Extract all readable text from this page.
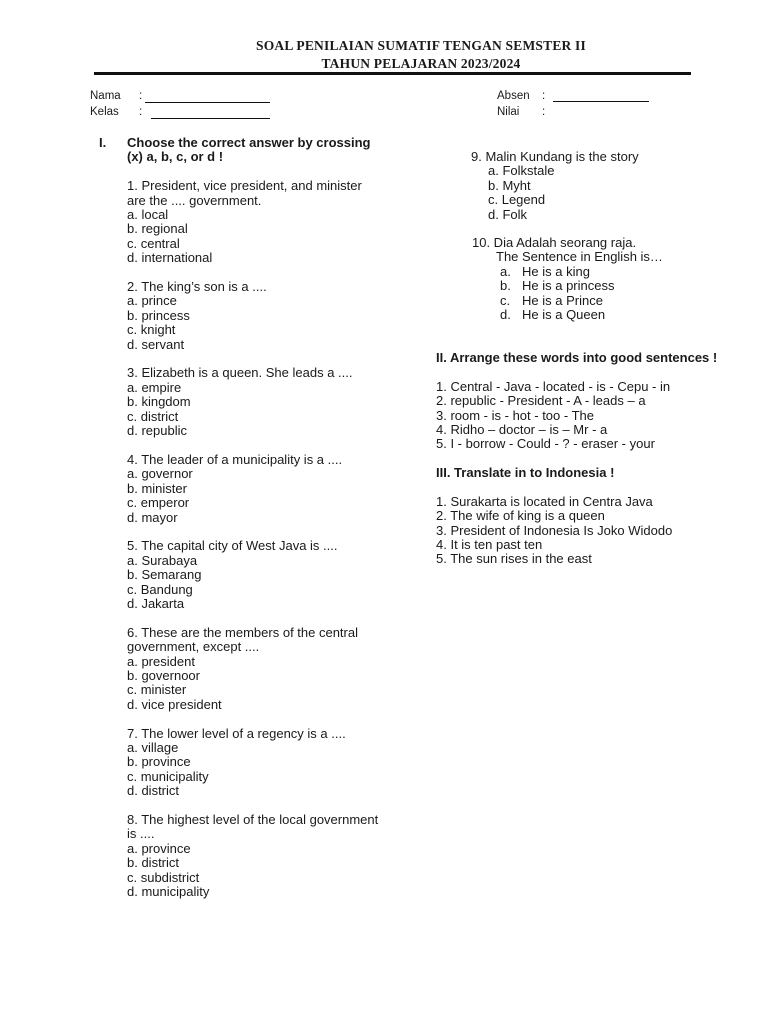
SOAL PENILAIAN SUMATIF TENGAN SEMSTER II
TAHUN PELAJARAN 2023/2024
Nama :
Kelas :
Absen :
Nilai :
I. Choose the correct answer by crossing
(x) a, b, c, or d !
1. President, vice president, and minister
are the .... government.
a. local
b. regional
c. central
d. international
2. The king’s son is a ....
a. prince
b. princess
c. knight
d. servant
3. Elizabeth is a queen. She leads a ....
a. empire
b. kingdom
c. district
d. republic
4. The leader of a municipality is a ....
a. governor
b. minister
c. emperor
d. mayor
5. The capital city of West Java is ....
a. Surabaya
b. Semarang
c. Bandung
d. Jakarta
6. These are the members of the central
government, except ....
a. president
b. governoor
c. minister
d. vice president
7. The lower level of a regency is a ....
a. village
b. province
c. municipality
d. district
8. The highest level of the local government
is ....
a. province
b. district
c. subdistrict
d. municipality
9. Malin Kundang is the story
a. Folkstale
b. Myht
c. Legend
d. Folk
10. Dia Adalah seorang raja.
The Sentence in English is…
a. He is a king
b. He is a princess
c. He is a Prince
d. He is a Queen
II. Arrange these words into good sentences !
1. Central - Java - located - is - Cepu - in
2. republic - President - A - leads – a
3. room - is - hot - too - The
4. Ridho – doctor – is – Mr - a
5. I - borrow - Could - ? - eraser - your
III. Translate in to Indonesia !
1. Surakarta is located in Centra Java
2. The wife of king is a queen
3. President of Indonesia Is Joko Widodo
4. It is ten past ten
5. The sun rises in the east
